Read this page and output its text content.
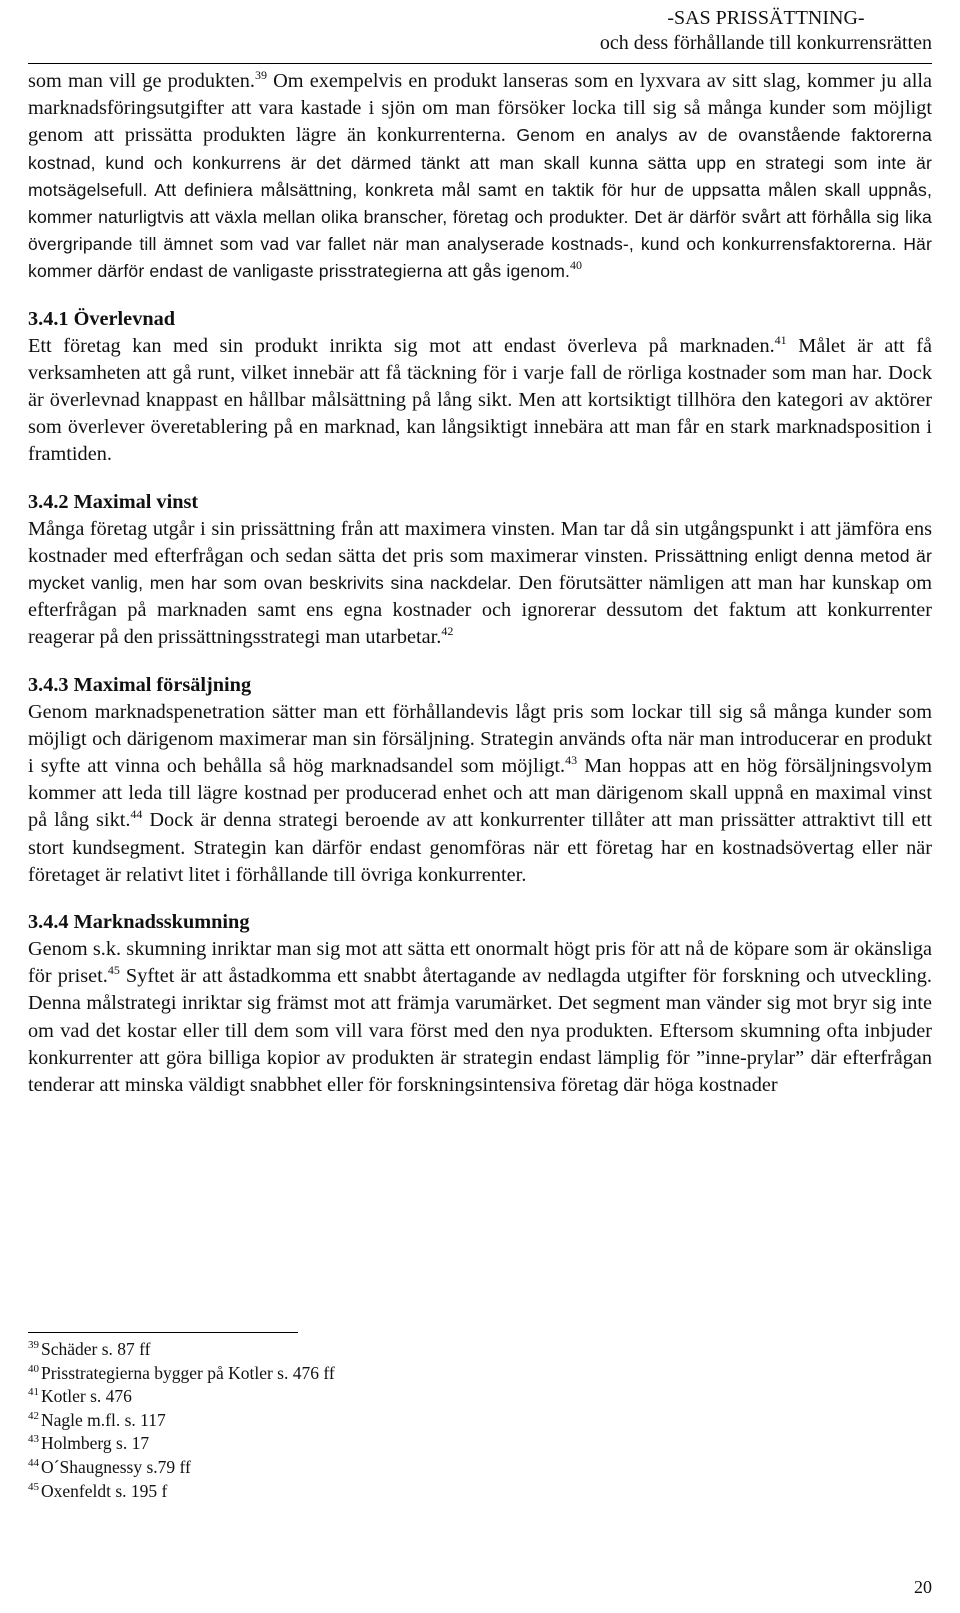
-SAS PRISSÄTTNING-
och dess förhållande till konkurrensrätten

som man vill ge produkten.$^{39}$ Om exempelvis en produkt lanseras som en lyxvara av sitt slag, kommer ju alla marknadsföringsutgifter att vara kastade i sjön om man försöker locka till sig så många kunder som möjligt genom att prissätta produkten lägre än konkurrenterna. Genom en analys av de ovanstående faktorerna kostnad, kund och konkurrens är det därmed tänkt att man skall kunna sätta upp en strategi som inte är motsägelsefull. Att definiera målsättning, konkreta mål samt en taktik för hur de uppsatta målen skall uppnås, kommer naturligtvis att växla mellan olika branscher, företag och produkter. Det är därför svårt att förhålla sig lika övergripande till ämnet som vad var fallet när man analyserade kostnads-, kund och konkurrensfaktorerna. Här kommer därför endast de vanligaste prisstrategierna att gås igenom.$^{40}$

3.4.1 Överlevnad

Ett företag kan med sin produkt inrikta sig mot att endast överleva på marknaden.$^{41}$ Målet är att få verksamheten att gå runt, vilket innebär att få täckning för i varje fall de rörliga kostnader som man har. Dock är överlevnad knappast en hållbar målsättning på lång sikt. Men att kortsiktigt tillhöra den kategori av aktörer som överlever överetablering på en marknad, kan långsiktigt innebära att man får en stark marknadsposition i framtiden.

3.4.2 Maximal vinst

Många företag utgår i sin prissättning från att maximera vinsten. Man tar då sin utgångspunkt i att jämföra ens kostnader med efterfrågan och sedan sätta det pris som maximerar vinsten. Prissättning enligt denna metod är mycket vanlig, men har som ovan beskrivits sina nackdelar. Den förutsätter nämligen att man har kunskap om efterfrågan på marknaden samt ens egna kostnader och ignorerar dessutom det faktum att konkurrenter reagerar på den prissättningsstrategi man utarbetar.$^{42}$

3.4.3 Maximal försäljning

Genom marknadspenetration sätter man ett förhållandevis lågt pris som lockar till sig så många kunder som möjligt och därigenom maximerar man sin försäljning. Strategin används ofta när man introducerar en produkt i syfte att vinna och behålla så hög marknadsandel som möjligt.$^{43}$ Man hoppas att en hög försäljningsvolym kommer att leda till lägre kostnad per producerad enhet och att man därigenom skall uppnå en maximal vinst på lång sikt.$^{44}$ Dock är denna strategi beroende av att konkurrenter tillåter att man prissätter attraktivt till ett stort kundsegment. Strategin kan därför endast genomföras när ett företag har en kostnadsövertag eller när företaget är relativt litet i förhållande till övriga konkurrenter.

3.4.4 Marknadsskumning

Genom s.k. skumning inriktar man sig mot att sätta ett onormalt högt pris för att nå de köpare som är okänsliga för priset.$^{45}$ Syftet är att åstadkomma ett snabbt återtagande av nedlagda utgifter för forskning och utveckling. Denna målstrategi inriktar sig främst mot att främja varumärket. Det segment man vänder sig mot bryr sig inte om vad det kostar eller till dem som vill vara först med den nya produkten. Eftersom skumning ofta inbjuder konkurrenter att göra billiga kopior av produkten är strategin endast lämplig för ”inne-prylar” där efterfrågan tenderar att minska väldigt snabbhet eller för forskningsintensiva företag där höga kostnader

$^{39}$ Schäder s. 87 ff
$^{40}$ Prisstrategierna bygger på Kotler s. 476 ff
$^{41}$ Kotler s. 476
$^{42}$ Nagle m.fl. s. 117
$^{43}$ Holmberg s. 17
$^{44}$ O´Shaugnessy s.79 ff
$^{45}$ Oxenfeldt s. 195 f
20
